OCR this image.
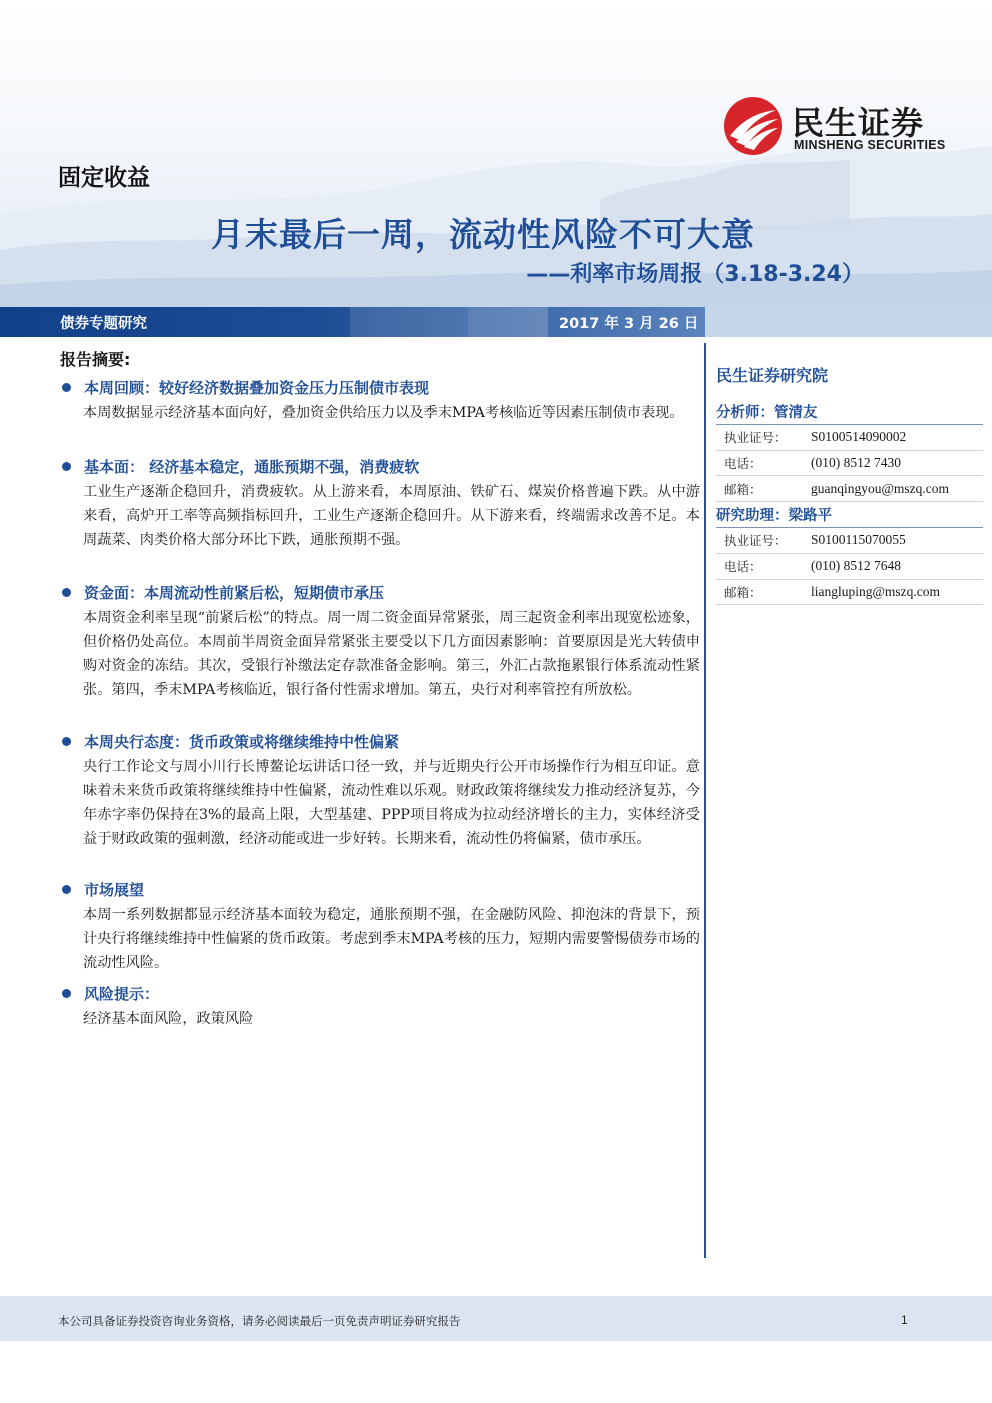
民生证券
MINSHENG SECURITIES
固定收益
月末最后一周，流动性风险不可大意
——利率市场周报（3.18-3.24）
债券专题研究	2017 年 3 月 26 日
报告摘要:
本周回顾：较好经济数据叠加资金压力压制债市表现
本周数据显示经济基本面向好，叠加资金供给压力以及季末MPA考核临近等因素压制债市表现。
基本面： 经济基本稳定，通胀预期不强，消费疲软
工业生产逐渐企稳回升，消费疲软。从上游来看，本周原油、铁矿石、煤炭价格普遍下跌。从中游来看，高炉开工率等高频指标回升，工业生产逐渐企稳回升。从下游来看，终端需求改善不足。本周蔬菜、肉类价格大部分环比下跌，通胀预期不强。
资金面：本周流动性前紧后松，短期债市承压
本周资金利率呈现“前紧后松”的特点。周一周二资金面异常紧张，周三起资金利率出现宽松迹象，但价格仍处高位。本周前半周资金面异常紧张主要受以下几方面因素影响：首要原因是光大转债申购对资金的冻结。其次，受银行补缴法定存款准备金影响。第三，外汇占款拖累银行体系流动性紧张。第四，季末MPA考核临近，银行备付性需求增加。第五，央行对利率管控有所放松。
本周央行态度：货币政策或将继续维持中性偏紧
央行工作论文与周小川行长博鳌论坛讲话口径一致，并与近期央行公开市场操作行为相互印证。意味着未来货币政策将继续维持中性偏紧，流动性难以乐观。财政政策将继续发力推动经济复苏，今年赤字率仍保持在3%的最高上限，大型基建、PPP项目将成为拉动经济增长的主力，实体经济受益于财政政策的强刺激，经济动能或进一步好转。长期来看，流动性仍将偏紧，债市承压。
市场展望
本周一系列数据都显示经济基本面较为稳定，通胀预期不强，在金融防风险、抑泡沫的背景下，预计央行将继续维持中性偏紧的货币政策。考虑到季末MPA考核的压力，短期内需要警惕债券市场的流动性风险。
风险提示：
经济基本面风险，政策风险
民生证券研究院
分析师： 管清友
执业证号：	S0100514090002
电话：	(010) 8512 7430
邮箱：	guanqingyou@mszq.com
研究助理： 梁路平
执业证号：	S0100115070055
电话：	(010) 8512 7648
邮箱：	liangluping@mszq.com
本公司具备证券投资咨询业务资格，请务必阅读最后一页免责声明证券研究报告	1
